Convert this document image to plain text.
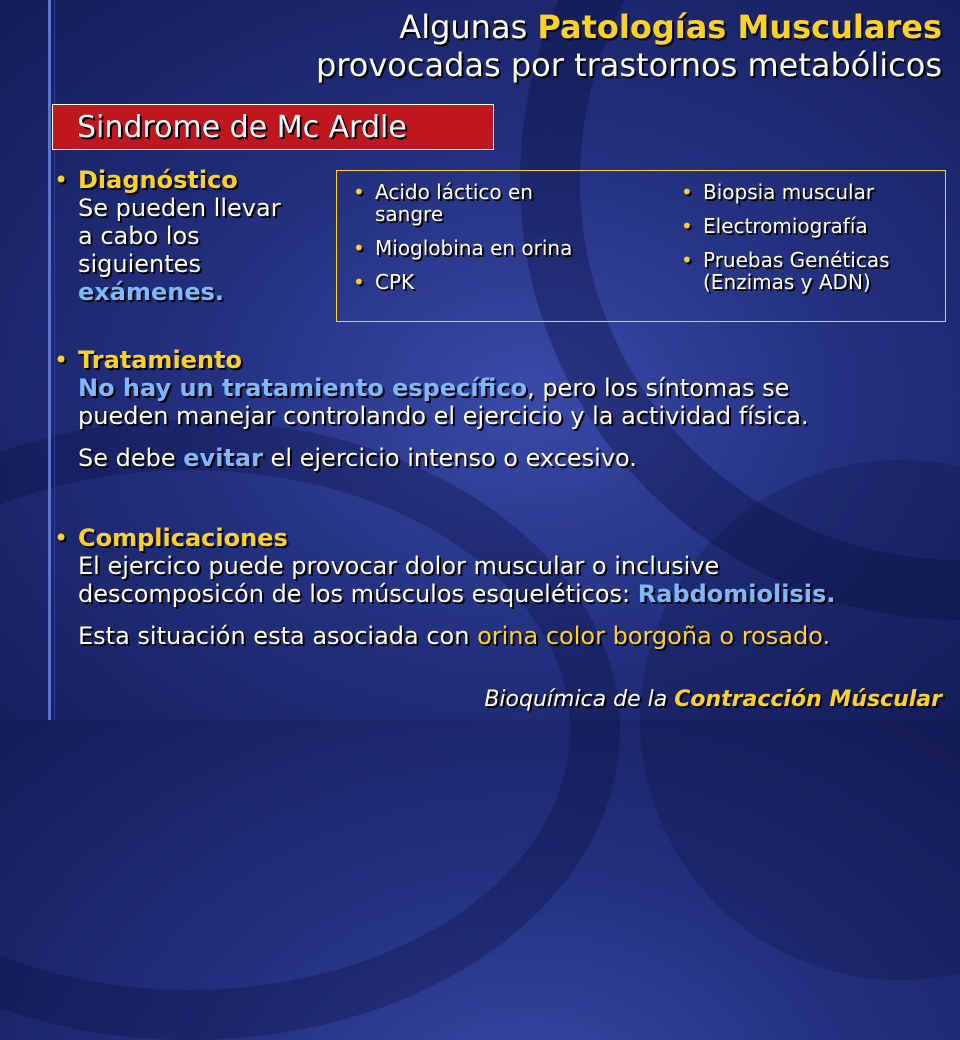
Algunas Patologías Musculares
provocadas por trastornos metabólicos
Sindrome de Mc Ardle
• Diagnóstico
Se pueden llevar
a cabo los
siguientes
exámenes.
• Acido láctico en
sangre
• Mioglobina en orina
• CPK
• Biopsia muscular
• Electromiografía
• Pruebas Genéticas
(Enzimas y ADN)
• Tratamiento
No hay un tratamiento específico, pero los síntomas se
pueden manejar controlando el ejercicio y la actividad física.
Se debe evitar el ejercicio intenso o excesivo.
• Complicaciones
El ejercico puede provocar dolor muscular o inclusive
descomposicón de los músculos esqueléticos: Rabdomiolisis.
Esta situación esta asociada con orina color borgoña o rosado.
Bioquímica de la Contracción Múscular
